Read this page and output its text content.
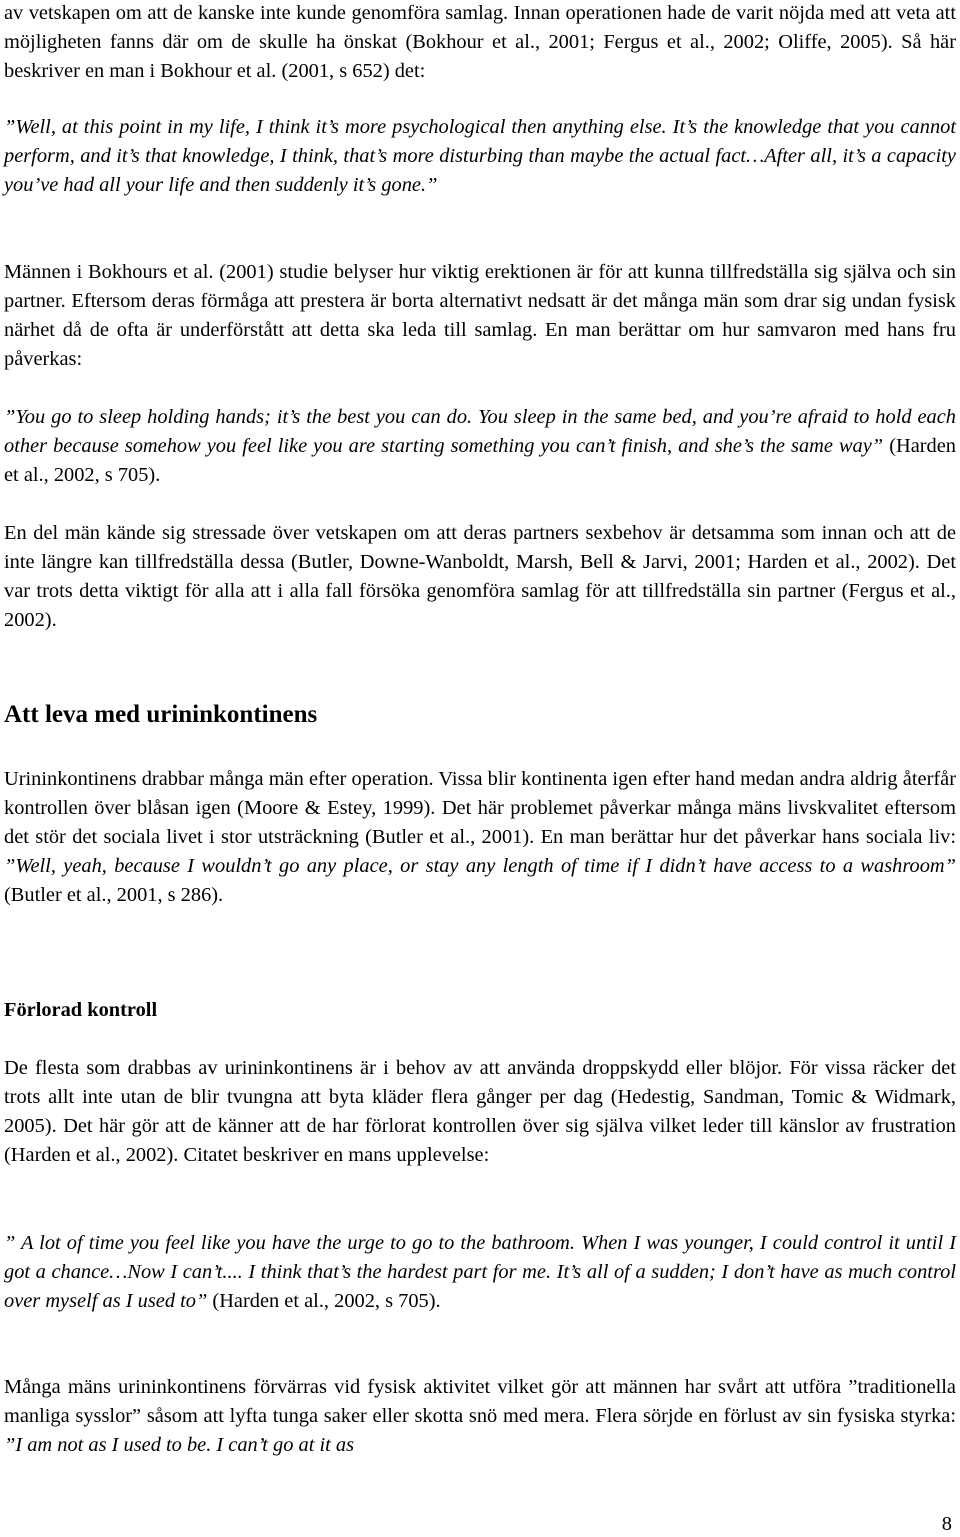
av vetskapen om att de kanske inte kunde genomföra samlag. Innan operationen hade de varit nöjda med att veta att möjligheten fanns där om de skulle ha önskat (Bokhour et al., 2001; Fergus et al., 2002; Oliffe, 2005). Så här beskriver en man i Bokhour et al. (2001, s 652) det:

”Well, at this point in my life, I think it’s more psychological then anything else. It’s the knowledge that you cannot perform, and it’s that knowledge, I think, that’s more disturbing than maybe the actual fact…After all, it’s a capacity you’ve had all your life and then suddenly it’s gone.”

Männen i Bokhours et al. (2001) studie belyser hur viktig erektionen är för att kunna tillfredställa sig själva och sin partner. Eftersom deras förmåga att prestera är borta alternativt nedsatt är det många män som drar sig undan fysisk närhet då de ofta är underförstått att detta ska leda till samlag. En man berättar om hur samvaron med hans fru påverkas:

”You go to sleep holding hands; it’s the best you can do. You sleep in the same bed, and you’re afraid to hold each other because somehow you feel like you are starting something you can’t finish, and she’s the same way” (Harden et al., 2002, s 705).

En del män kände sig stressade över vetskapen om att deras partners sexbehov är detsamma som innan och att de inte längre kan tillfredställa dessa (Butler, Downe-Wanboldt, Marsh, Bell & Jarvi, 2001; Harden et al., 2002). Det var trots detta viktigt för alla att i alla fall försöka genomföra samlag för att tillfredställa sin partner (Fergus et al., 2002).

Att leva med urininkontinens

Urininkontinens drabbar många män efter operation. Vissa blir kontinenta igen efter hand medan andra aldrig återfår kontrollen över blåsan igen (Moore & Estey, 1999). Det här problemet påverkar många mäns livskvalitet eftersom det stör det sociala livet i stor utsträckning (Butler et al., 2001). En man berättar hur det påverkar hans sociala liv: ”Well, yeah, because I wouldn’t go any place, or stay any length of time if I didn’t have access to a washroom” (Butler et al., 2001, s 286).

Förlorad kontroll

De flesta som drabbas av urininkontinens är i behov av att använda droppskydd eller blöjor. För vissa räcker det trots allt inte utan de blir tvungna att byta kläder flera gånger per dag (Hedestig, Sandman, Tomic & Widmark, 2005). Det här gör att de känner att de har förlorat kontrollen över sig själva vilket leder till känslor av frustration (Harden et al., 2002). Citatet beskriver en mans upplevelse:

” A lot of time you feel like you have the urge to go to the bathroom. When I was younger, I could control it until I got a chance…Now I can’t.... I think that’s the hardest part for me. It’s all of a sudden; I don’t have as much control over myself as I used to” (Harden et al., 2002, s 705).

Många mäns urininkontinens förvärras vid fysisk aktivitet vilket gör att männen har svårt att utföra ”traditionella manliga sysslor” såsom att lyfta tunga saker eller skotta snö med mera. Flera sörjde en förlust av sin fysiska styrka: ”I am not as I used to be. I can’t go at it as

8
